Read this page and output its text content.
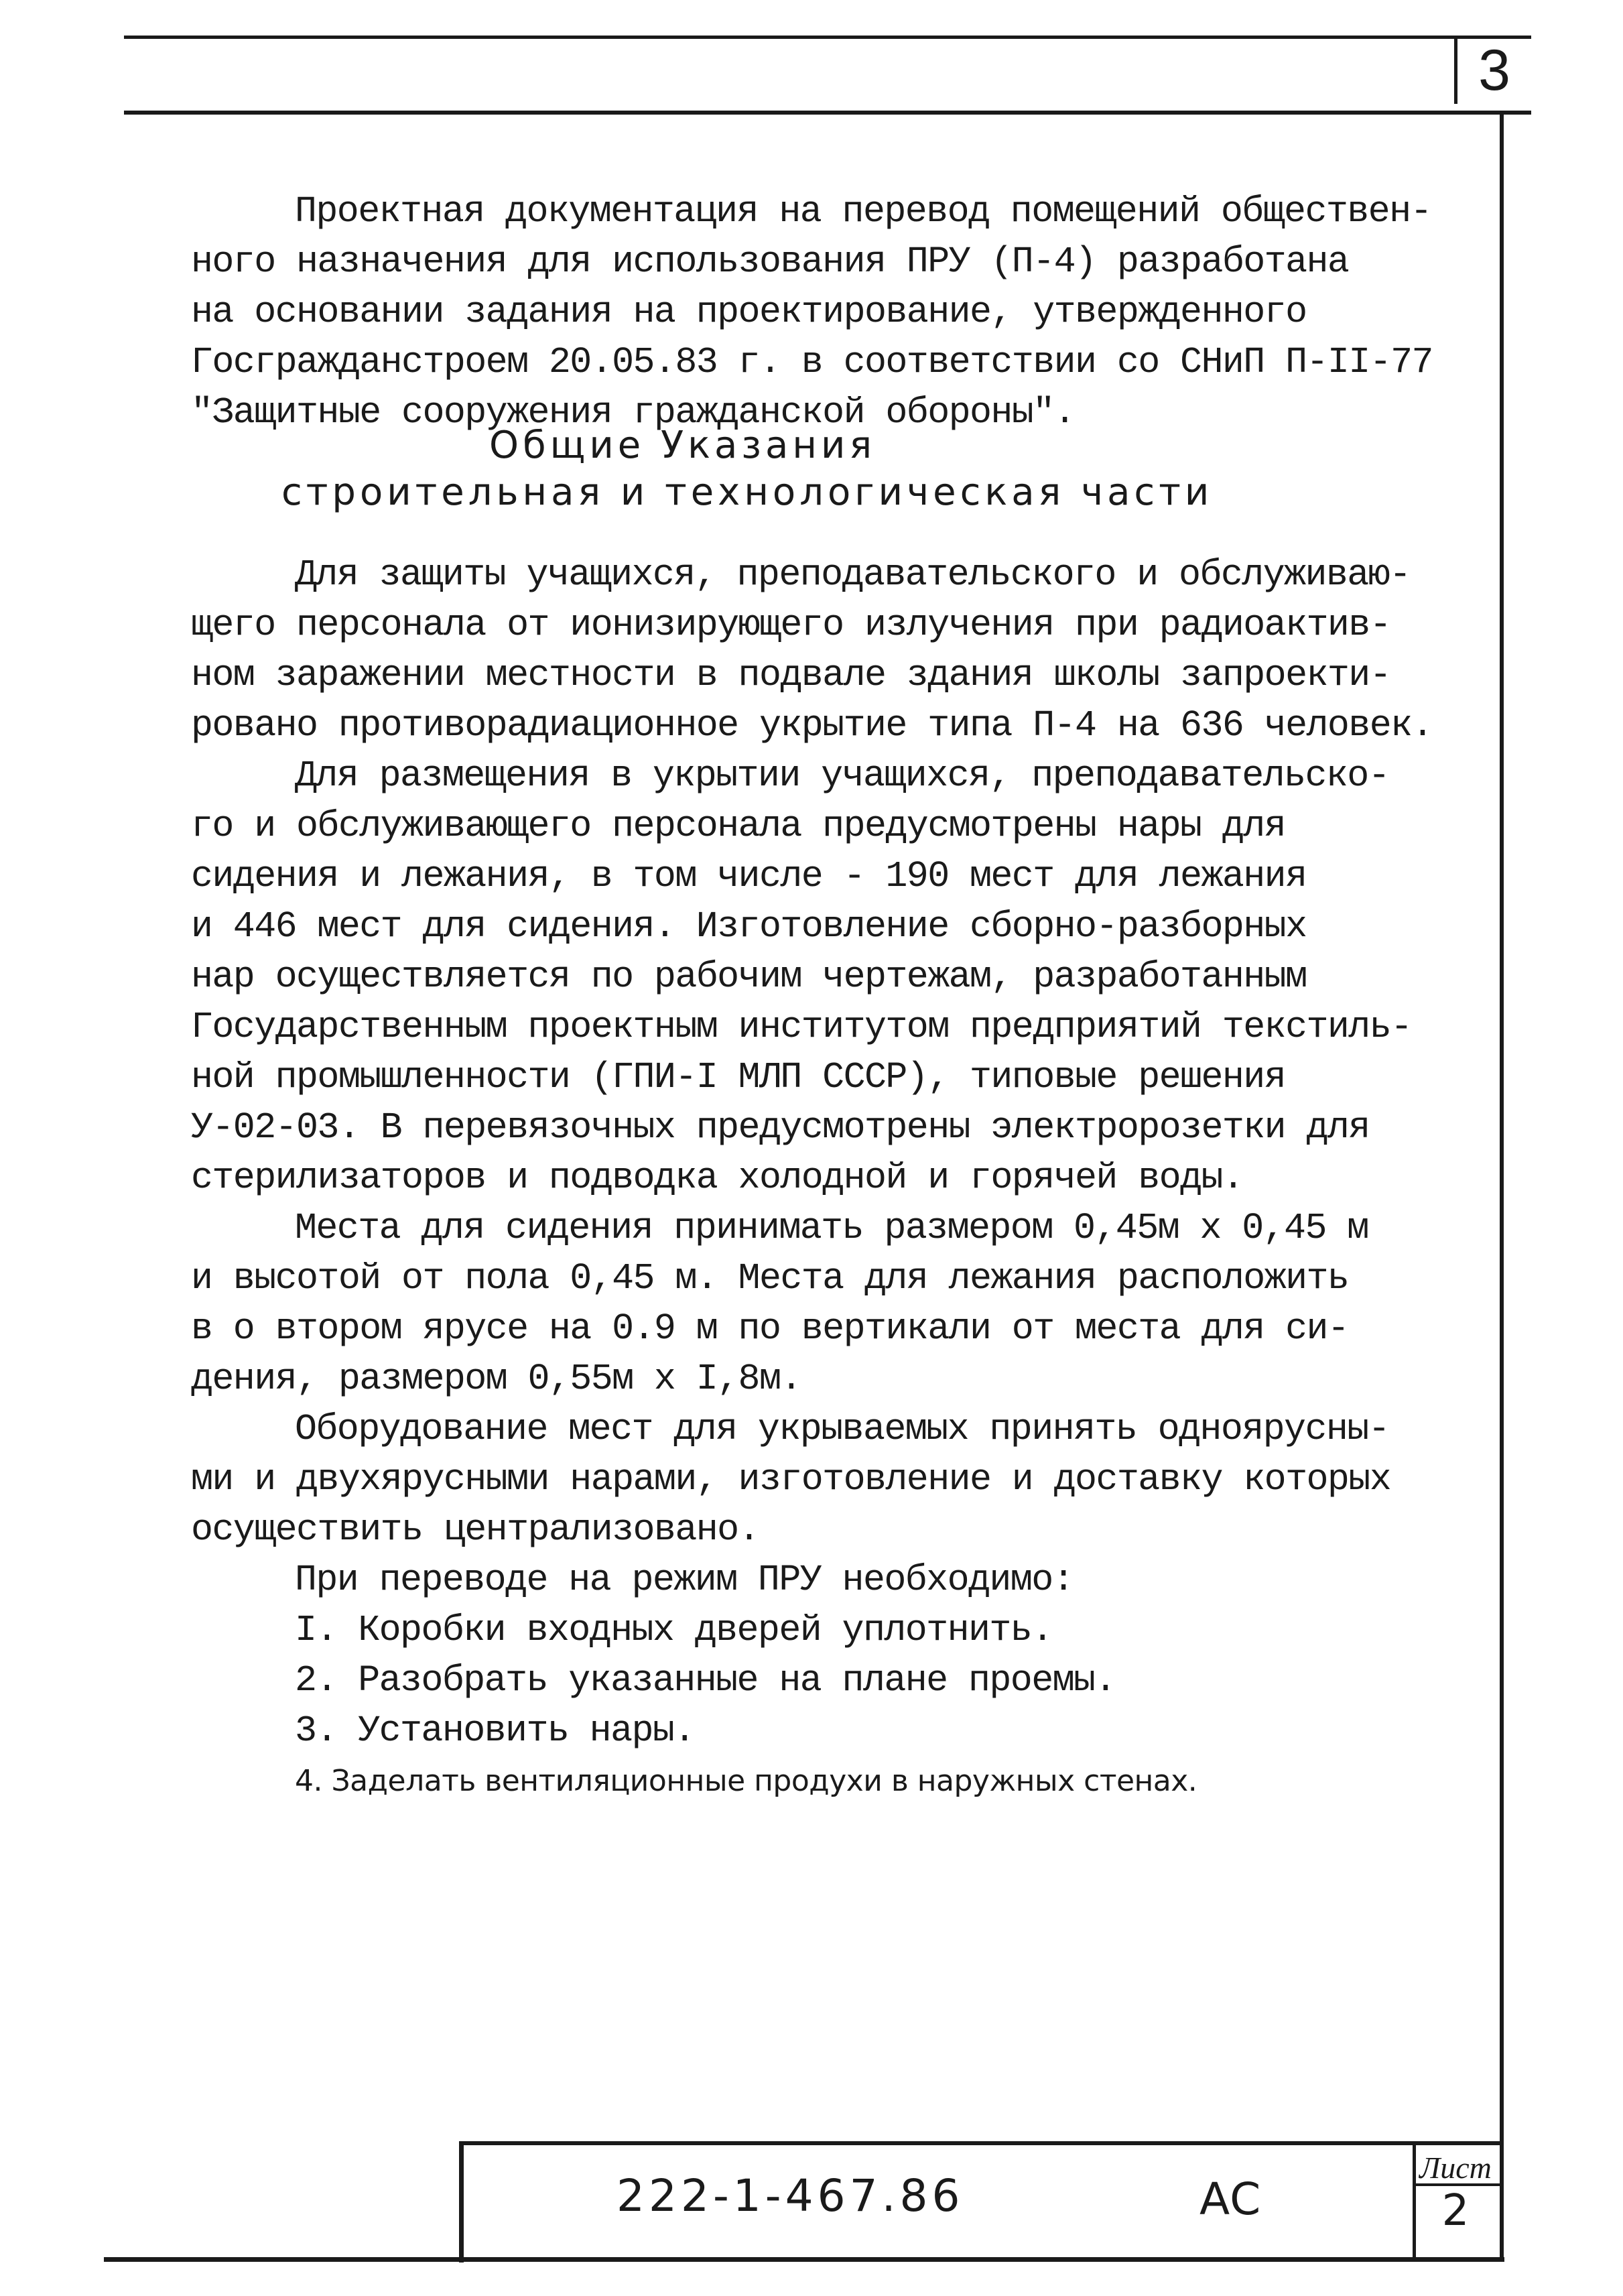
3
Проектная документация на перевод помещений обществен-
ного назначения для использования ПРУ (П-4) разработана
на основании задания на проектирование, утвержденного
Госгражданстроем 20.05.83 г. в соответствии со СНиП П-II-77
"Защитные сооружения гражданской обороны".
Общие Указания
строительная и технологическая части
Для защиты учащихся, преподавательского и обслуживаю-
щего персонала от ионизирующего излучения при радиоактив-
ном заражении местности в подвале здания школы запроекти-
ровано противорадиационное укрытие типа П-4 на 636 человек.
Для размещения в укрытии учащихся, преподавательско-
го и обслуживающего персонала предусмотрены нары для
сидения и лежания, в том числе - 190 мест для лежания
и 446 мест для сидения. Изготовление сборно-разборных
нар осуществляется по рабочим чертежам, разработанным
Государственным проектным институтом предприятий текстиль-
ной промышленности (ГПИ-I МЛП СССР), типовые решения
У-02-03. В перевязочных предусмотрены электророзетки для
стерилизаторов и подводка холодной и горячей воды.
Места для сидения принимать размером 0,45м х 0,45 м
и высотой от пола 0,45 м. Места для лежания расположить
в о втором ярусе на 0.9 м по вертикали от места для си-
дения, размером 0,55м х I,8м.
Оборудование мест для укрываемых принять одноярусны-
ми и двухярусными нарами, изготовление и доставку которых
осуществить централизовано.
При переводе на режим ПРУ необходимо:
I. Коробки входных дверей уплотнить.
2. Разобрать указанные на плане проемы.
3. Установить нары.
4. Заделать вентиляционные продухи в наружных стенах.
222-1-467.86	АС
Лист
2
